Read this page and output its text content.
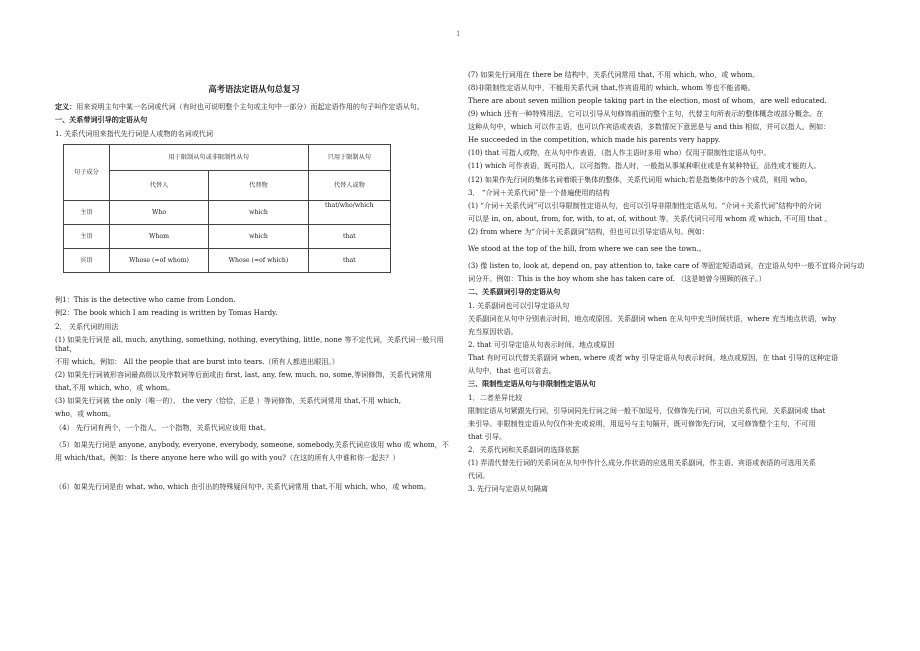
1
高考语法定语从句总复习
定义：用来说明主句中某一名词或代词（有时也可说明整个主句或主句中一部分）而起定语作用的句子叫作定语从句。
一、关系带词引导的定语从句
1. 关系代词用来指代先行词是人或物的名词或代词
句子成分	用于限制从句或非限制性从句		只用于限制从句
	代替人	代替物	代替人或物
主语	Who	which	that/who/which
主语	Whom	which	that
宾语	Whose (=of whom)	Whose (=of which)	that
例1：This is the detective who came from London.
例2：The book which I am reading is written by Tomas Hardy.
2． 关系代词的用法
(1) 如果先行词是 all, much, anything, something, nothing, everything, little, none 等不定代词，关系代词一般只用 that，
不用 which。例如： All the people that are burst into tears.（所有人都进出眼泪。）
(2) 如果先行词被形容词最高级以及序数词等后面或由 first, last, any, few, much, no, some,等词修饰，关系代词常用
that,不用 which, who，或 whom。
(3) 如果先行词被 the only（唯一的）、 the very（恰恰，正是 ）等词修饰，关系代词常用 that,不用 which,
who，或 whom。
（4） 先行词有两个，一个指人，一个指物，关系代词应该用 that。
（5）如果先行词是 anyone, anybody, everyone, everybody, someone, somebody,关系代词应该用 who 或 whom，不
用 which/that。例如：Is there anyone here who will go with you?（在这的所有人中谁和你一起去？）
（6）如果先行词是由 what, who, which 由引出的特殊疑问句中, 关系代词常用 that,不用 which, who，或 whom。
(7) 如果先行词用在 there be 结构中，关系代词常用 that, 不用 which, who，或 whom。
(8)非限制性定语从句中，不能用关系代词 that,作宾语用的 which, whom 等也不能省略。
There are about seven million people taking part in the election, most of whom，are well educated.
(9) which 还有一种特殊用法，它可以引导从句修饰前面的整个主句，代替主句所表示的整体概念或部分概念。在
这种从句中，which 可以作主语，也可以作宾语或表语，多数情况下意思是与 and this 相似，并可以指人。例如：
He succeeded in the competition, which made his parents very happy.
(10) that 可指人或物，在从句中作表语，（指人作主语时多用 who）仅用于限制性定语从句中。
(11) which 可作表语，既可指人，以可指物。指人时，一般指从事某种职业或是有某种特征，品性或才能的人。
(12) 如果作先行词的集体名词着眼于集体的整体，关系代词用 which;若是指集体中的各个成员，则用 who。
3． “介词＋关系代词”是一个普遍使用的结构
(1) “介词＋关系代词”可以引导限制性定语从句，也可以引导非限制性定语从句。“介词＋关系代词”结构中的介词
可以是 in, on, about, from, for, with, to at, of, without 等，关系代词只可用 whom 或 which, 不可用 that 。
(2) from where 为“介词＋关系副词”结构，但也可以引导定语从句。例如：
We stood at the top of the hill, from where we can see the town.。
(3) 像 listen to, look at, depend on, pay attention to, take care of 等固定短语动词，在定语从句中一般不宜将介词与动
词分开。例如：This is the boy whom she has taken care of. （这是她曾今照顾的孩子。）
二、关系副词引导的定语从句
1. 关系副词也可以引导定语从句
关系副词在从句中分别表示时间，地点或原因。关系副词 when 在从句中充当时间状语，where 充当地点状语，why
充当原因状语。
2. that 可引导定语从句表示时间、地点或原因
That 有时可以代替关系副词 when, where 或者 why 引导定语从句表示时间，地点或原因，在 that 引导的这种定语
从句中，that 也可以省去。
三、限制性定语从句与非限制性定语从句
1．二者差异比较
限制定语从句紧跟先行词，引导词同先行词之间一般不加逗号，仅修饰先行词，可以由关系代词，关系副词或 that
来引导。非限制性定语从句仅作补充或说明，用逗号与主句隔开，既可修饰先行词，又可修饰整个主句，不可用
that 引导。
2．关系代词和关系副词的选择依据
(1) 弄清代替先行词的关系词在从句中作什么成分,作状语的应选用关系副词，作主语、宾语或表语的可选用关系
代词。
3. 先行词与定语从句隔离
